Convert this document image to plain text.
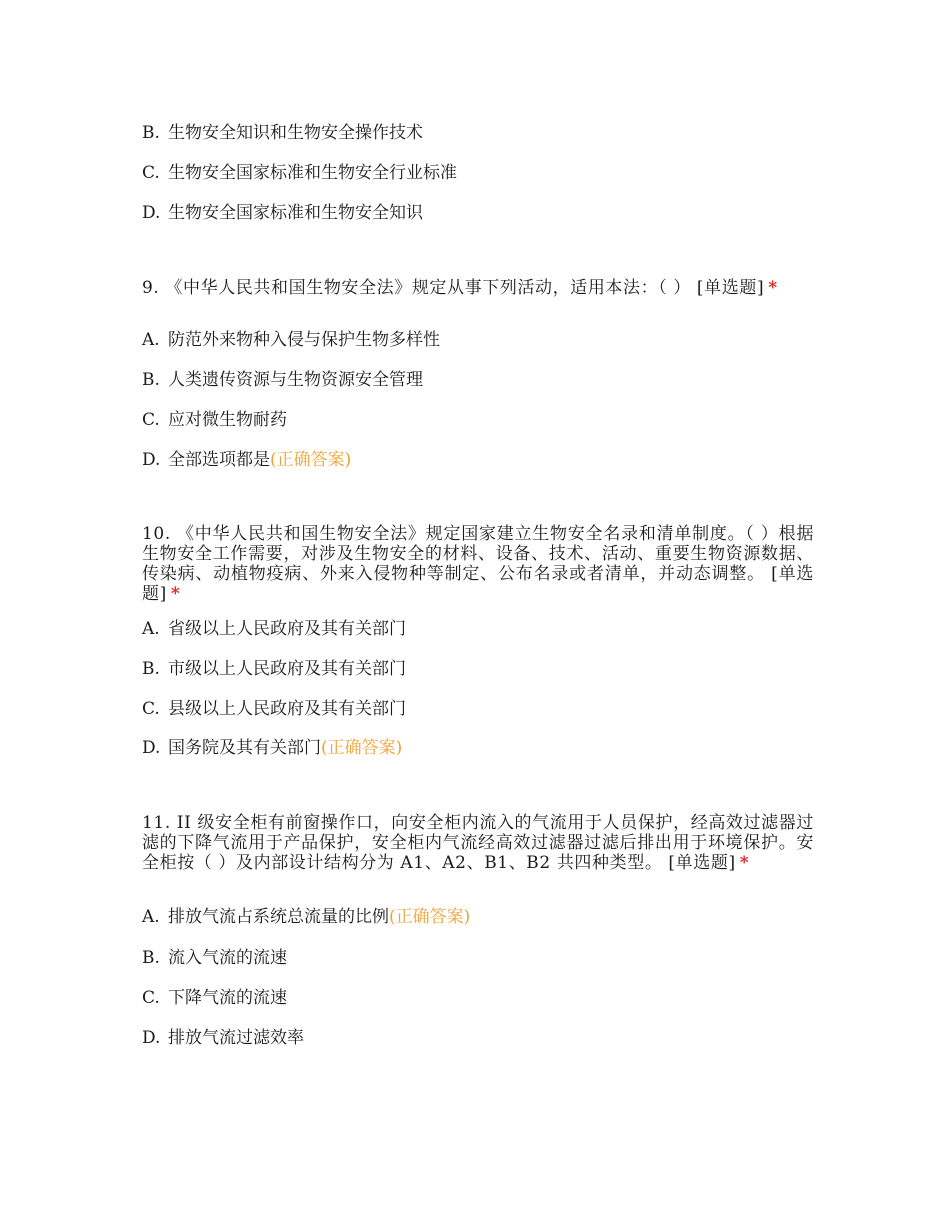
B. 生物安全知识和生物安全操作技术
C. 生物安全国家标准和生物安全行业标准
D. 生物安全国家标准和生物安全知识
9. 《中华人民共和国生物安全法》规定从事下列活动，适用本法：（ ） [单选题] *
A. 防范外来物种入侵与保护生物多样性
B. 人类遗传资源与生物资源安全管理
C. 应对微生物耐药
D. 全部选项都是(正确答案)
10. 《中华人民共和国生物安全法》规定国家建立生物安全名录和清单制度。（ ）根据生物安全工作需要，对涉及生物安全的材料、设备、技术、活动、重要生物资源数据、传染病、动植物疫病、外来入侵物种等制定、公布名录或者清单，并动态调整。 [单选题] *
A. 省级以上人民政府及其有关部门
B. 市级以上人民政府及其有关部门
C. 县级以上人民政府及其有关部门
D. 国务院及其有关部门(正确答案)
11. II 级安全柜有前窗操作口，向安全柜内流入的气流用于人员保护，经高效过滤器过滤的下降气流用于产品保护，安全柜内气流经高效过滤器过滤后排出用于环境保护。安全柜按（ ）及内部设计结构分为 A1、A2、B1、B2 共四种类型。 [单选题] *
A. 排放气流占系统总流量的比例(正确答案)
B. 流入气流的流速
C. 下降气流的流速
D. 排放气流过滤效率
